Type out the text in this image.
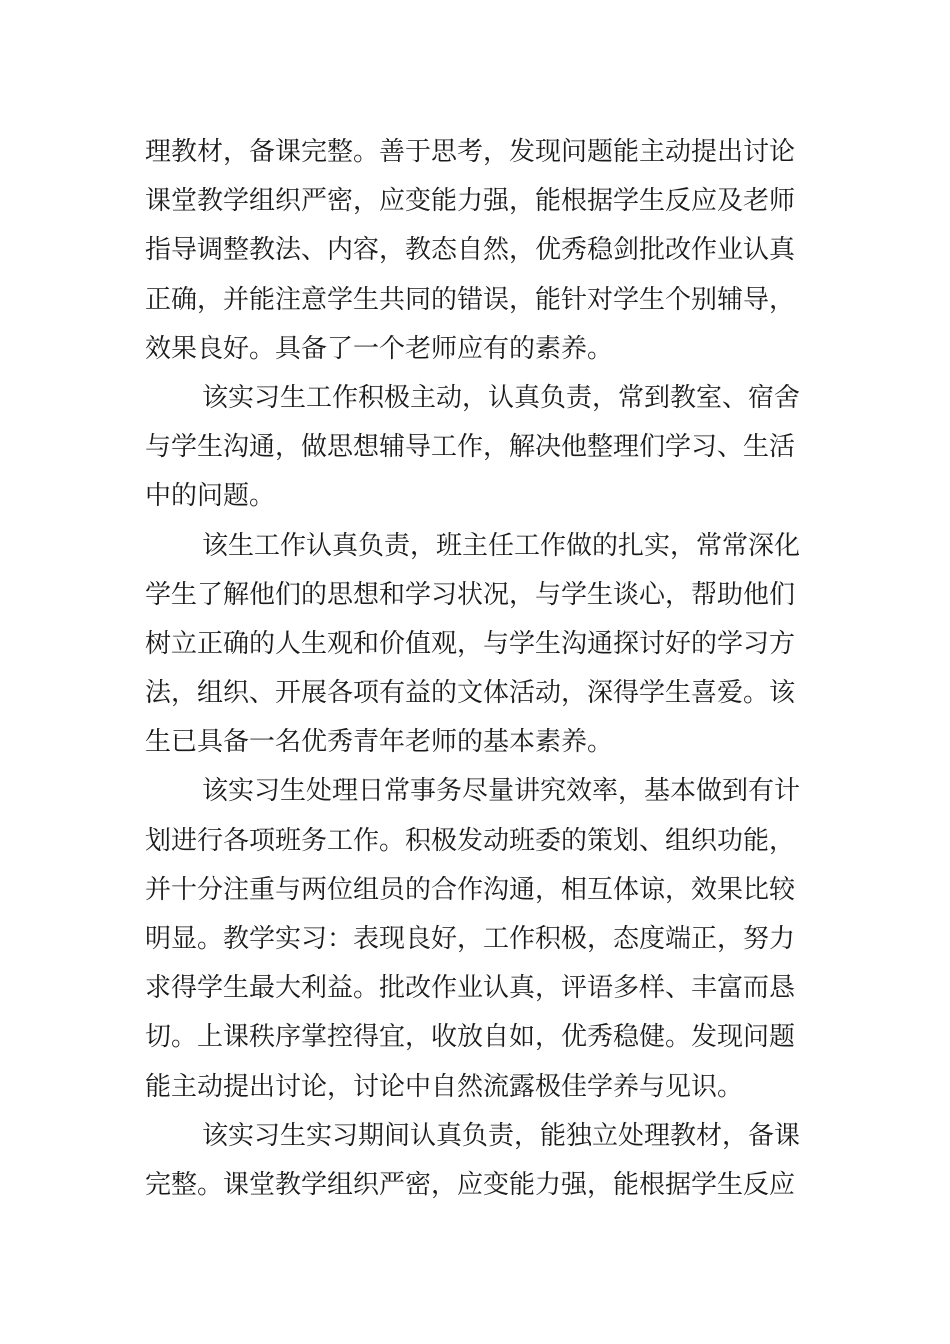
理教材，备课完整。善于思考，发现问题能主动提出讨论
课堂教学组织严密，应变能力强，能根据学生反应及老师
指导调整教法、内容，教态自然，优秀稳剑批改作业认真
正确，并能注意学生共同的错误，能针对学生个别辅导，
效果良好。具备了一个老师应有的素养。
该实习生工作积极主动，认真负责，常到教室、宿舍
与学生沟通，做思想辅导工作，解决他整理们学习、生活
中的问题。
该生工作认真负责，班主任工作做的扎实，常常深化
学生了解他们的思想和学习状况，与学生谈心，帮助他们
树立正确的人生观和价值观，与学生沟通探讨好的学习方
法，组织、开展各项有益的文体活动，深得学生喜爱。该
生已具备一名优秀青年老师的基本素养。
该实习生处理日常事务尽量讲究效率，基本做到有计
划进行各项班务工作。积极发动班委的策划、组织功能，
并十分注重与两位组员的合作沟通，相互体谅，效果比较
明显。教学实习：表现良好，工作积极，态度端正，努力
求得学生最大利益。批改作业认真，评语多样、丰富而恳
切。上课秩序掌控得宜，收放自如，优秀稳健。发现问题
能主动提出讨论，讨论中自然流露极佳学养与见识。
该实习生实习期间认真负责，能独立处理教材，备课
完整。课堂教学组织严密，应变能力强，能根据学生反应
